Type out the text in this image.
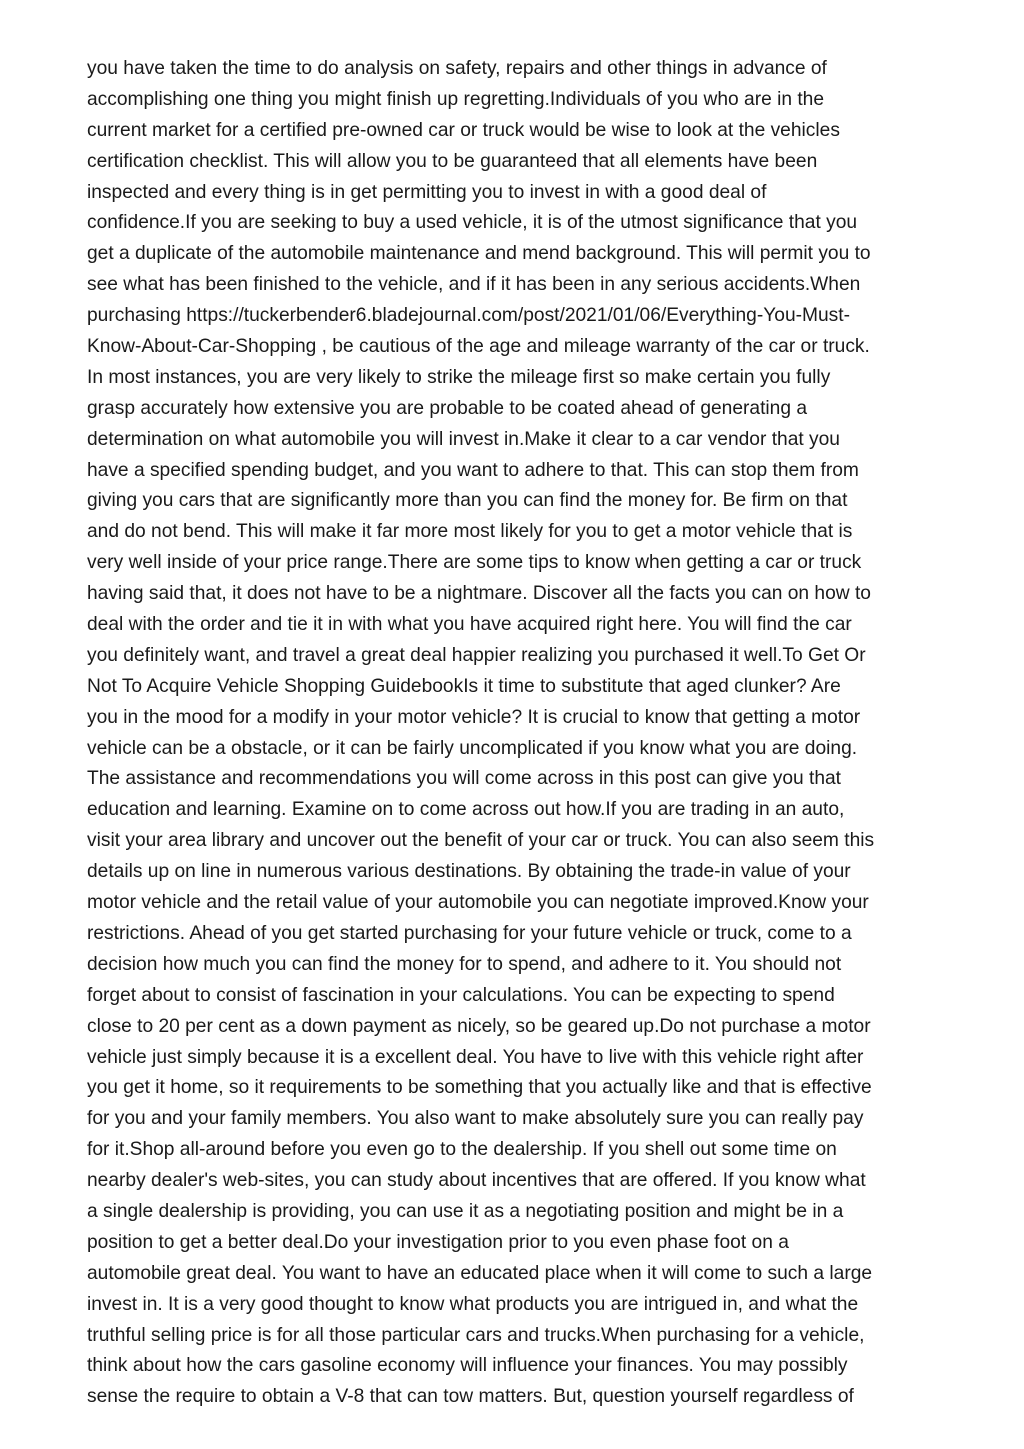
you have taken the time to do analysis on safety, repairs and other things in advance of
accomplishing one thing you might finish up regretting.Individuals of you who are in the
current market for a certified pre-owned car or truck would be wise to look at the vehicles
certification checklist. This will allow you to be guaranteed that all elements have been
inspected and every thing is in get permitting you to invest in with a good deal of
confidence.If you are seeking to buy a used vehicle, it is of the utmost significance that you
get a duplicate of the automobile maintenance and mend background. This will permit you to
see what has been finished to the vehicle, and if it has been in any serious accidents.When
purchasing https://tuckerbender6.bladejournal.com/post/2021/01/06/Everything-You-Must-
Know-About-Car-Shopping , be cautious of the age and mileage warranty of the car or truck.
In most instances, you are very likely to strike the mileage first so make certain you fully
grasp accurately how extensive you are probable to be coated ahead of generating a
determination on what automobile you will invest in.Make it clear to a car vendor that you
have a specified spending budget, and you want to adhere to that. This can stop them from
giving you cars that are significantly more than you can find the money for. Be firm on that
and do not bend. This will make it far more most likely for you to get a motor vehicle that is
very well inside of your price range.There are some tips to know when getting a car or truck
having said that, it does not have to be a nightmare. Discover all the facts you can on how to
deal with the order and tie it in with what you have acquired right here. You will find the car
you definitely want, and travel a great deal happier realizing you purchased it well.To Get Or
Not To Acquire Vehicle Shopping GuidebookIs it time to substitute that aged clunker? Are
you in the mood for a modify in your motor vehicle? It is crucial to know that getting a motor
vehicle can be a obstacle, or it can be fairly uncomplicated if you know what you are doing.
The assistance and recommendations you will come across in this post can give you that
education and learning. Examine on to come across out how.If you are trading in an auto,
visit your area library and uncover out the benefit of your car or truck. You can also seem this
details up on line in numerous various destinations. By obtaining the trade-in value of your
motor vehicle and the retail value of your automobile you can negotiate improved.Know your
restrictions. Ahead of you get started purchasing for your future vehicle or truck, come to a
decision how much you can find the money for to spend, and adhere to it. You should not
forget about to consist of fascination in your calculations. You can be expecting to spend
close to 20 per cent as a down payment as nicely, so be geared up.Do not purchase a motor
vehicle just simply because it is a excellent deal. You have to live with this vehicle right after
you get it home, so it requirements to be something that you actually like and that is effective
for you and your family members. You also want to make absolutely sure you can really pay
for it.Shop all-around before you even go to the dealership. If you shell out some time on
nearby dealer's web-sites, you can study about incentives that are offered. If you know what
a single dealership is providing, you can use it as a negotiating position and might be in a
position to get a better deal.Do your investigation prior to you even phase foot on a
automobile great deal. You want to have an educated place when it will come to such a large
invest in. It is a very good thought to know what products you are intrigued in, and what the
truthful selling price is for all those particular cars and trucks.When purchasing for a vehicle,
think about how the cars gasoline economy will influence your finances. You may possibly
sense the require to obtain a V-8 that can tow matters. But, question yourself regardless of
